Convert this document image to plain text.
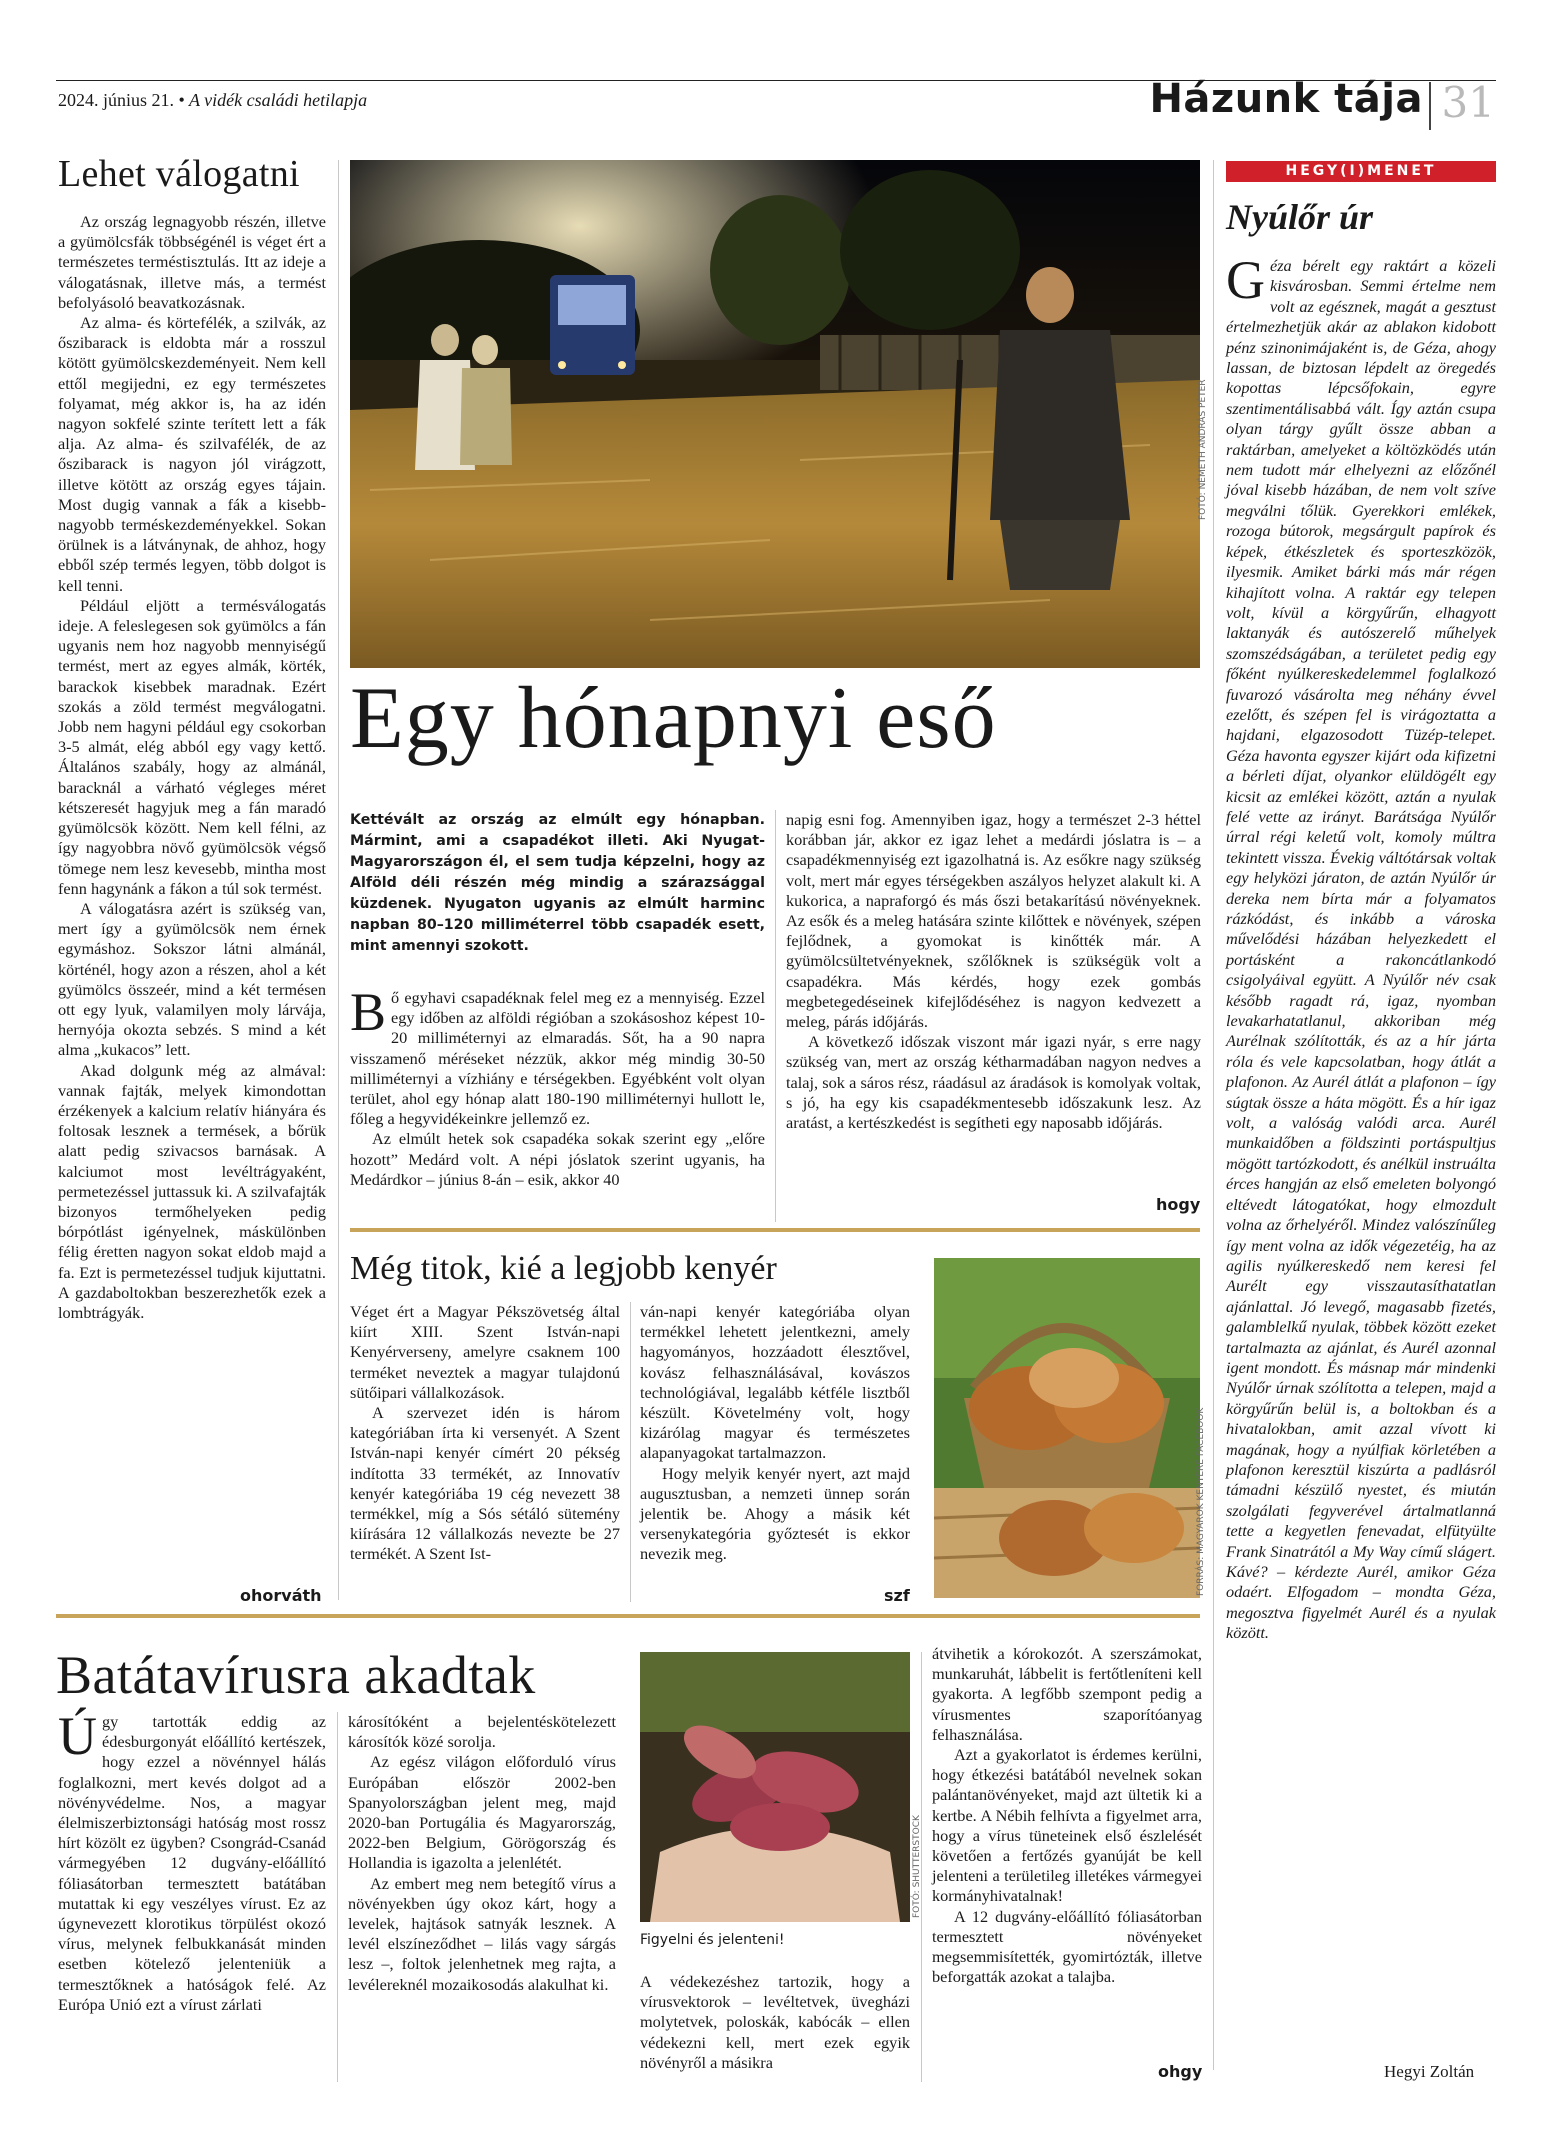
2024. június 21. • A vidék családi hetilapja	Házunk tája 31
Lehet válogatni

Az ország legnagyobb részén, illetve a gyümölcsfák többségénél is véget ért a természetes terméstisztulás. Itt az ideje a válogatásnak, illetve más, a termést befolyásoló beavatkozásnak.

Az alma- és körtefélék, a szilvák, az őszibarack is eldobta már a rosszul kötött gyümölcskezdeményeit. Nem kell ettől megijedni, ez egy természetes folyamat, még akkor is, ha az idén nagyon sokfelé szinte terített lett a fák alja. Az alma- és szilvafélék, de az őszibarack is nagyon jól virágzott, illetve kötött az ország egyes tájain. Most dugig vannak a fák a kisebb-nagyobb terméskezdeményekkel. Sokan örülnek is a látványnak, de ahhoz, hogy ebből szép termés legyen, több dolgot is kell tenni.

Például eljött a termésválogatás ideje. A feleslegesen sok gyümölcs a fán ugyanis nem hoz nagyobb mennyiségű termést, mert az egyes almák, körték, barackok kisebbek maradnak. Ezért szokás a zöld termést megválogatni. Jobb nem hagyni például egy csokorban 3-5 almát, elég abból egy vagy kettő. Általános szabály, hogy az almánál, baracknál a várható végleges méret kétszeresét hagyjuk meg a fán maradó gyümölcsök között. Nem kell félni, az így nagyobbra növő gyümölcsök végső tömege nem lesz kevesebb, mintha most fenn hagynánk a fákon a túl sok termést.

A válogatásra azért is szükség van, mert így a gyümölcsök nem érnek egymáshoz. Sokszor látni almánál, körténél, hogy azon a részen, ahol a két gyümölcs összeér, mind a két termésen ott egy lyuk, valamilyen moly lárvája, hernyója okozta sebzés. S mind a két alma „kukacos” lett.

Akad dolgunk még az almával: vannak fajták, melyek kimondottan érzékenyek a kalcium relatív hiányára és foltosak lesznek a termések, a bőrük alatt pedig szivacsos barnásak. A kalciumot most levéltrágyaként, permetezéssel juttassuk ki. A szilvafajták bizonyos termőhelyeken pedig bórpótlást igényelnek, máskülönben félig éretten nagyon sokat eldob majd a fa. Ezt is permetezéssel tudjuk kijuttatni. A gazdaboltokban beszerezhetők ezek a lombtrágyák.

ohorváth
FOTÓ: NÉMETH ANDRÁS PÉTER
Egy hónapnyi eső
Kettévált az ország az elmúlt egy hónapban. Mármint, ami a csapadékot illeti. Aki Nyugat-Magyarországon él, el sem tudja képzelni, hogy az Alföld déli részén még mindig a szárazsággal küzdenek. Nyugaton ugyanis az elmúlt harminc napban 80–120 milliméterrel több csapadék esett, mint amennyi szokott.

Bő egyhavi csapadéknak felel meg ez a mennyiség. Ezzel egy időben az alföldi régióban a szokásoshoz képest 10-20 milliméternyi az elmaradás. Sőt, ha a 90 napra visszamenő méréseket nézzük, akkor még mindig 30-50 milliméternyi a vízhiány e térségekben. Egyébként volt olyan terület, ahol egy hónap alatt 180-190 milliméternyi hullott le, főleg a hegyvidékeinkre jellemző ez.

Az elmúlt hetek sok csapadéka sokak szerint egy „előre hozott” Medárd volt. A népi jóslatok szerint ugyanis, ha Medárdkor – június 8-án – esik, akkor 40

napig esni fog. Amennyiben igaz, hogy a természet 2-3 héttel korábban jár, akkor ez igaz lehet a medárdi jóslatra is – a csapadékmennyiség ezt igazolhatná is. Az esőkre nagy szükség volt, mert már egyes térségekben aszályos helyzet alakult ki. A kukorica, a napraforgó és más őszi betakarítású növényeknek. Az esők és a meleg hatására szinte kilőttek e növények, szépen fejlődnek, a gyomokat is kinőtték már. A gyümölcsültetvényeknek, szőlőknek is szükségük volt a csapadékra. Más kérdés, hogy ezek gombás megbetegedéseinek kifejlődéséhez is nagyon kedvezett a meleg, párás időjárás.

A következő időszak viszont már igazi nyár, s erre nagy szükség van, mert az ország kétharmadában nagyon nedves a talaj, sok a sáros rész, ráadásul az áradások is komolyak voltak, s jó, ha egy kis csapadékmentesebb időszakunk lesz. Az aratást, a kertészkedést is segítheti egy naposabb időjárás.

hogy
Még titok, kié a legjobb kenyér

Véget ért a Magyar Pékszövetség által kiírt XIII. Szent István-napi Kenyérverseny, amelyre csaknem 100 terméket neveztek a magyar tulajdonú sütőipari vállalkozások.

A szervezet idén is három kategóriában írta ki versenyét. A Szent István-napi kenyér címért 20 pékség indította 33 termékét, az Innovatív kenyér kategóriába 19 cég nevezett 38 termékkel, míg a Sós sétáló sütemény kiírására 12 vállalkozás nevezte be 27 termékét. A Szent Ist-

ván-napi kenyér kategóriába olyan termékkel lehetett jelentkezni, amely hagyományos, hozzáadott élesztővel, kovász felhasználásával, kovászos technológiával, legalább kétféle lisztből készült. Követelmény volt, hogy kizárólag magyar és természetes alapanyagokat tartalmazzon.

Hogy melyik kenyér nyert, azt majd augusztusban, a nemzeti ünnep során jelentik be. Ahogy a másik két versenykategória győztesét is ekkor nevezik meg.

szf	FORRÁS: MAGYAROK KENYERE FACEBOOK
Batátavírusra akadtak

Úgy tartották eddig az édesburgonyát előállító kertészek, hogy ezzel a növénnyel hálás foglalkozni, mert kevés dolgot ad a növényvédelme. Nos, a magyar élelmiszerbiztonsági hatóság most rossz hírt közölt ez ügyben? Csongrád-Csanád vármegyében 12 dugvány-előállító fóliasátorban termesztett batátában mutattak ki egy veszélyes vírust. Ez az úgynevezett klorotikus törpülést okozó vírus, melynek felbukkanását minden esetben kötelező jelenteniük a termesztőknek a hatóságok felé. Az Európa Unió ezt a vírust zárlati

károsítóként a bejelentéskötelezett károsítók közé sorolja.

Az egész világon előforduló vírus Európában először 2002-ben Spanyolországban jelent meg, majd 2020-ban Portugália és Magyarország, 2022-ben Belgium, Görögország és Hollandia is igazolta a jelenlétét.

Az embert meg nem betegítő vírus a növényekben úgy okoz kárt, hogy a levelek, hajtások satnyák lesznek. A levél elszíneződhet – lilás vagy sárgás lesz –, foltok jelenhetnek meg rajta, a levélereknél mozaikosodás alakulhat ki.

Figyelni és jelenteni!
FOTÓ: SHUTTERSTOCK

A védekezéshez tartozik, hogy a vírusvektorok – levéltetvek, üvegházi molytetvek, poloskák, kabócák – ellen védekezni kell, mert ezek egyik növényről a másikra

átvihetik a kórokozót. A szerszámokat, munkaruhát, lábbelit is fertőtleníteni kell gyakorta. A legfőbb szempont pedig a vírusmentes szaporítóanyag felhasználása.

Azt a gyakorlatot is érdemes kerülni, hogy étkezési batátából nevelnek sokan palántanövényeket, majd azt ültetik ki a kertbe. A Nébih felhívta a figyelmet arra, hogy a vírus tüneteinek első észlelését követően a fertőzés gyanúját be kell jelenteni a területileg illetékes vármegyei kormányhivatalnak!

A 12 dugvány-előállító fóliasátorban termesztett növényeket megsemmisítették, gyomirtózták, illetve beforgatták azokat a talajba.

ohgy
HEGY(I)MENET
Nyúlőr úr
Géza bérelt egy raktárt a közeli kisvárosban. Semmi értelme nem volt az egésznek, magát a gesztust értelmezhetjük akár az ablakon kidobott pénz szinonimájaként is, de Géza, ahogy lassan, de biztosan lépdelt az öregedés kopottas lépcsőfokain, egyre szentimentálisabbá vált. Így aztán csupa olyan tárgy gyűlt össze abban a raktárban, amelyeket a költözködés után nem tudott már elhelyezni az előzőnél jóval kisebb házában, de nem volt szíve megválni tőlük. Gyerekkori emlékek, rozoga bútorok, megsárgult papírok és képek, étkészletek és sporteszközök, ilyesmik. Amiket bárki más már régen kihajított volna. A raktár egy telepen volt, kívül a körgyűrűn, elhagyott laktanyák és autószerelő műhelyek szomszédságában, a területet pedig egy főként nyúlkereskedelemmel foglalkozó fuvarozó vásárolta meg néhány évvel ezelőtt, és szépen fel is virágoztatta a hajdani, elgazosodott Tüzép-telepet. Géza havonta egyszer kijárt oda kifizetni a bérleti díjat, olyankor elüldögélt egy kicsit az emlékei között, aztán a nyulak felé vette az irányt. Barátsága Nyúlőr úrral régi keletű volt, komoly múltra tekintett vissza. Évekig váltótársak voltak egy helyközi járaton, de aztán Nyúlőr úr dereka nem bírta már a folyamatos rázkódást, és inkább a városka művelődési házában helyezkedett el portásként a rakoncátlankodó csigolyáival együtt. A Nyúlőr név csak később ragadt rá, igaz, nyomban levakarhatatlanul, akkoriban még Aurélnak szólították, és az a hír járta róla és vele kapcsolatban, hogy átlát a plafonon. Az Aurél átlát a plafonon – így súgtak össze a háta mögött. És a hír igaz volt, a valóság valódi arca. Aurél munkaidőben a földszinti portáspultjus mögött tartózkodott, és anélkül instruálta érces hangján az első emeleten bolyongó eltévedt látogatókat, hogy elmozdult volna az őrhelyéről. Mindez valószínűleg így ment volna az idők végezetéig, ha az agilis nyúlkereskedő nem keresi fel Aurélt egy visszautasíthatatlan ajánlattal. Jó levegő, magasabb fizetés, galamblelkű nyulak, többek között ezeket tartalmazta az ajánlat, és Aurél azonnal igent mondott. És másnap már mindenki Nyúlőr úrnak szólította a telepen, majd a körgyűrűn belül is, a boltokban és a hivatalokban, amit azzal vívott ki magának, hogy a nyúlfiak körletében a plafonon keresztül kiszúrta a padlásról támadni készülő nyestet, és miután szolgálati fegyverével ártalmatlanná tette a kegyetlen fenevadat, elfütyülte Frank Sinatrától a My Way című slágert. Kávé? – kérdezte Aurél, amikor Géza odaért. Elfogadom – mondta Géza, megosztva figyelmét Aurél és a nyulak között.
Hegyi Zoltán
